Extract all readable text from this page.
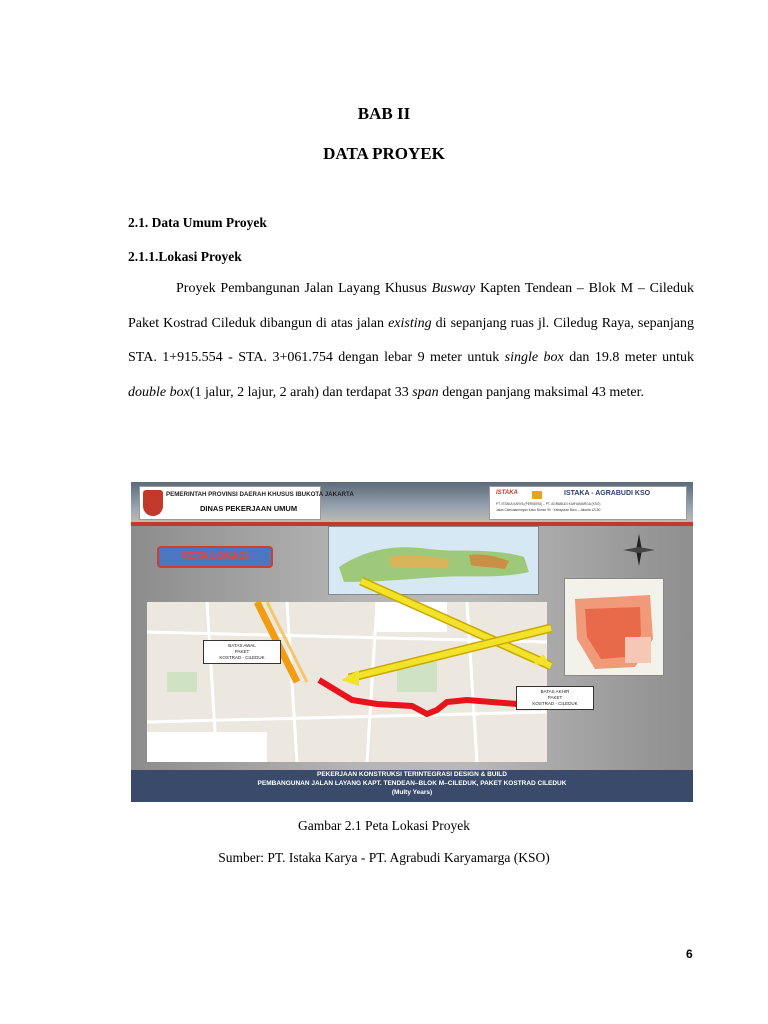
BAB II
DATA PROYEK
2.1. Data Umum Proyek
2.1.1.Lokasi Proyek

Proyek Pembangunan Jalan Layang Khusus Busway Kapten Tendean – Blok M – Cileduk Paket Kostrad Cileduk dibangun di atas jalan existing di sepanjang ruas jl. Ciledug Raya, sepanjang STA. 1+915.554 - STA. 3+061.754 dengan lebar 9 meter untuk single box dan 19.8 meter untuk double box(1 jalur, 2 lajur, 2 arah) dan terdapat 33 span dengan panjang maksimal 43 meter.

PEMERINTAH PROVINSI DAERAH KHUSUS IBUKOTA JAKARTA
DINAS PEKERJAAN UMUM
ISTAKA	ISTAKA - AGRABUDI KSO
PT. ISTAKA KARYA (PERSERO) – PT. AGRABUDI KARYAMARGA (KSO)
Jalan Cideudanmoyan Kavo Nomor 90 · Kebayoran Baru – Jakarta 12160
PETA LOKASI
BATAS AWAL
PAKET
KOSTRAD - CILEDUK
BATAS AKHIR
PAKET
KOSTRAD - CILEDUK
PEKERJAAN KONSTRUKSI TERINTEGRASI DESIGN & BUILD
PEMBANGUNAN JALAN LAYANG KAPT. TENDEAN–BLOK M–CILEDUK, PAKET KOSTRAD CILEDUK
(Multy Years)
Gambar 2.1 Peta Lokasi Proyek
Sumber: PT. Istaka Karya - PT. Agrabudi Karyamarga (KSO)
6
